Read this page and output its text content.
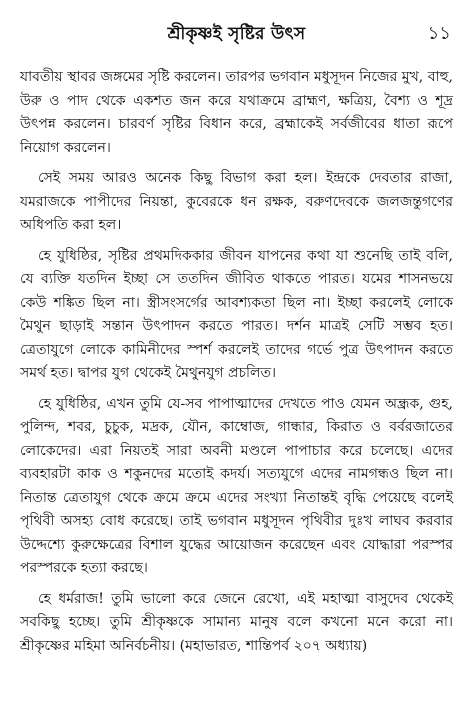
শ্রীকৃষ্ণই সৃষ্টির উৎস	১১

যাবতীয় স্থাবর জঙ্গমের সৃষ্টি করলেন। তারপর ভগবান মধুসূদন নিজের মুখ, বাহু, উরু ও পাদ থেকে একশত জন করে যথাক্রমে ব্রাহ্মণ, ক্ষত্রিয়, বৈশ্য ও শূদ্র উৎপন্ন করলেন। চারবর্ণ সৃষ্টির বিধান করে, ব্রহ্মাকেই সর্বজীবের ধাতা রূপে নিয়োগ করলেন।

সেই সময় আরও অনেক কিছু বিভাগ করা হল। ইন্দ্রকে দেবতার রাজা, যমরাজকে পাপীদের নিয়ন্তা, কুবেরকে ধন রক্ষক, বরুণদেবকে জলজন্তুগণের অধিপতি করা হল।

হে যুধিষ্ঠির, সৃষ্টির প্রথমদিককার জীবন যাপনের কথা যা শুনেছি তাই বলি, যে ব্যক্তি যতদিন ইচ্ছা সে ততদিন জীবিত থাকতে পারত। যমের শাসনভয়ে কেউ শঙ্কিত ছিল না। স্ত্রীসংসর্গের আবশ্যকতা ছিল না। ইচ্ছা করলেই লোকে মৈথুন ছাড়াই সন্তান উৎপাদন করতে পারত। দর্শন মাত্রই সেটি সম্ভব হত। ত্রেতাযুগে লোকে কামিনীদের স্পর্শ করলেই তাদের গর্ভে পুত্র উৎপাদন করতে সমর্থ হত। দ্বাপর যুগ থেকেই মৈথুনযুগ প্রচলিত।

হে যুধিষ্ঠির, এখন তুমি যে-সব পাপাত্মাদের দেখতে পাও যেমন অন্ধ্রক, গুহ, পুলিন্দ, শবর, চুচুক, মদ্রক, যৌন, কাম্বোজ, গান্ধার, কিরাত ও বর্বরজাতের লোকেদের। এরা নিয়তই সারা অবনী মণ্ডলে পাপাচার করে চলেছে। এদের ব্যবহারটা কাক ও শকুনদের মতোই কদর্য। সত্যযুগে এদের নামগন্ধও ছিল না। নিতান্ত ত্রেতাযুগ থেকে ক্রমে ক্রমে এদের সংখ্যা নিতান্তই বৃদ্ধি পেয়েছে বলেই পৃথিবী অসহ্য বোধ করেছে। তাই ভগবান মধুসূদন পৃথিবীর দুঃখ লাঘব করবার উদ্দেশ্যে কুরুক্ষেত্রের বিশাল যুদ্ধের আয়োজন করেছেন এবং যোদ্ধারা পরস্পর পরস্পরকে হত্যা করছে।

হে ধর্মরাজ! তুমি ভালো করে জেনে রেখো, এই মহাত্মা বাসুদেব থেকেই সবকিছু হচ্ছে। তুমি শ্রীকৃষ্ণকে সামান্য মানুষ বলে কখনো মনে করো না। শ্রীকৃষ্ণের মহিমা অনির্বচনীয়। (মহাভারত, শান্তিপর্ব ২০৭ অধ্যায়)
